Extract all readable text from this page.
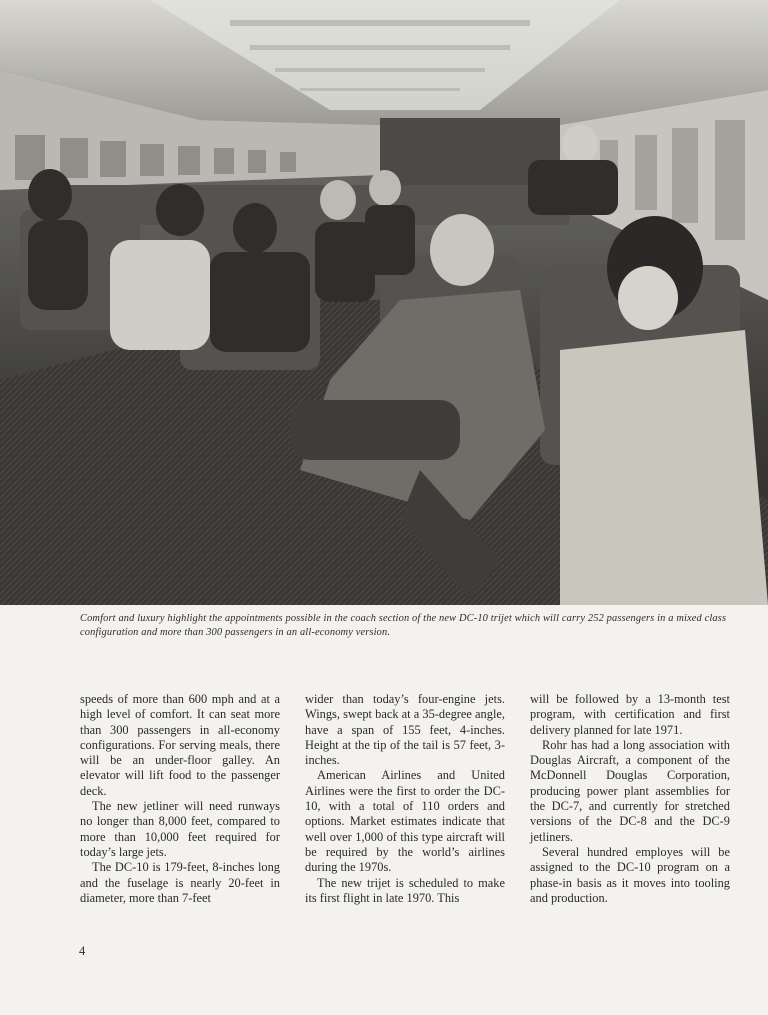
Comfort and luxury highlight the appointments possible in the coach section of the new DC-10 trijet which will carry 252 passengers in a mixed class configuration and more than 300 passengers in an all-economy version.

speeds of more than 600 mph and at a high level of comfort. It can seat more than 300 passengers in all-economy configurations. For serving meals, there will be an under-floor galley. An elevator will lift food to the passenger deck.

The new jetliner will need runways no longer than 8,000 feet, compared to more than 10,000 feet required for today’s large jets.

The DC-10 is 179-feet, 8-inches long and the fuselage is nearly 20-feet in diameter, more than 7-feet

wider than today’s four-engine jets. Wings, swept back at a 35-degree angle, have a span of 155 feet, 4-inches. Height at the tip of the tail is 57 feet, 3-inches.

American Airlines and United Airlines were the first to order the DC-10, with a total of 110 orders and options. Market estimates indicate that well over 1,000 of this type aircraft will be required by the world’s airlines during the 1970s.

The new trijet is scheduled to make its first flight in late 1970. This

will be followed by a 13-month test program, with certification and first delivery planned for late 1971.

Rohr has had a long association with Douglas Aircraft, a component of the McDonnell Douglas Corporation, producing power plant assemblies for the DC-7, and currently for stretched versions of the DC-8 and the DC-9 jetliners.

Several hundred employes will be assigned to the DC-10 program on a phase-in basis as it moves into tooling and production.

4
